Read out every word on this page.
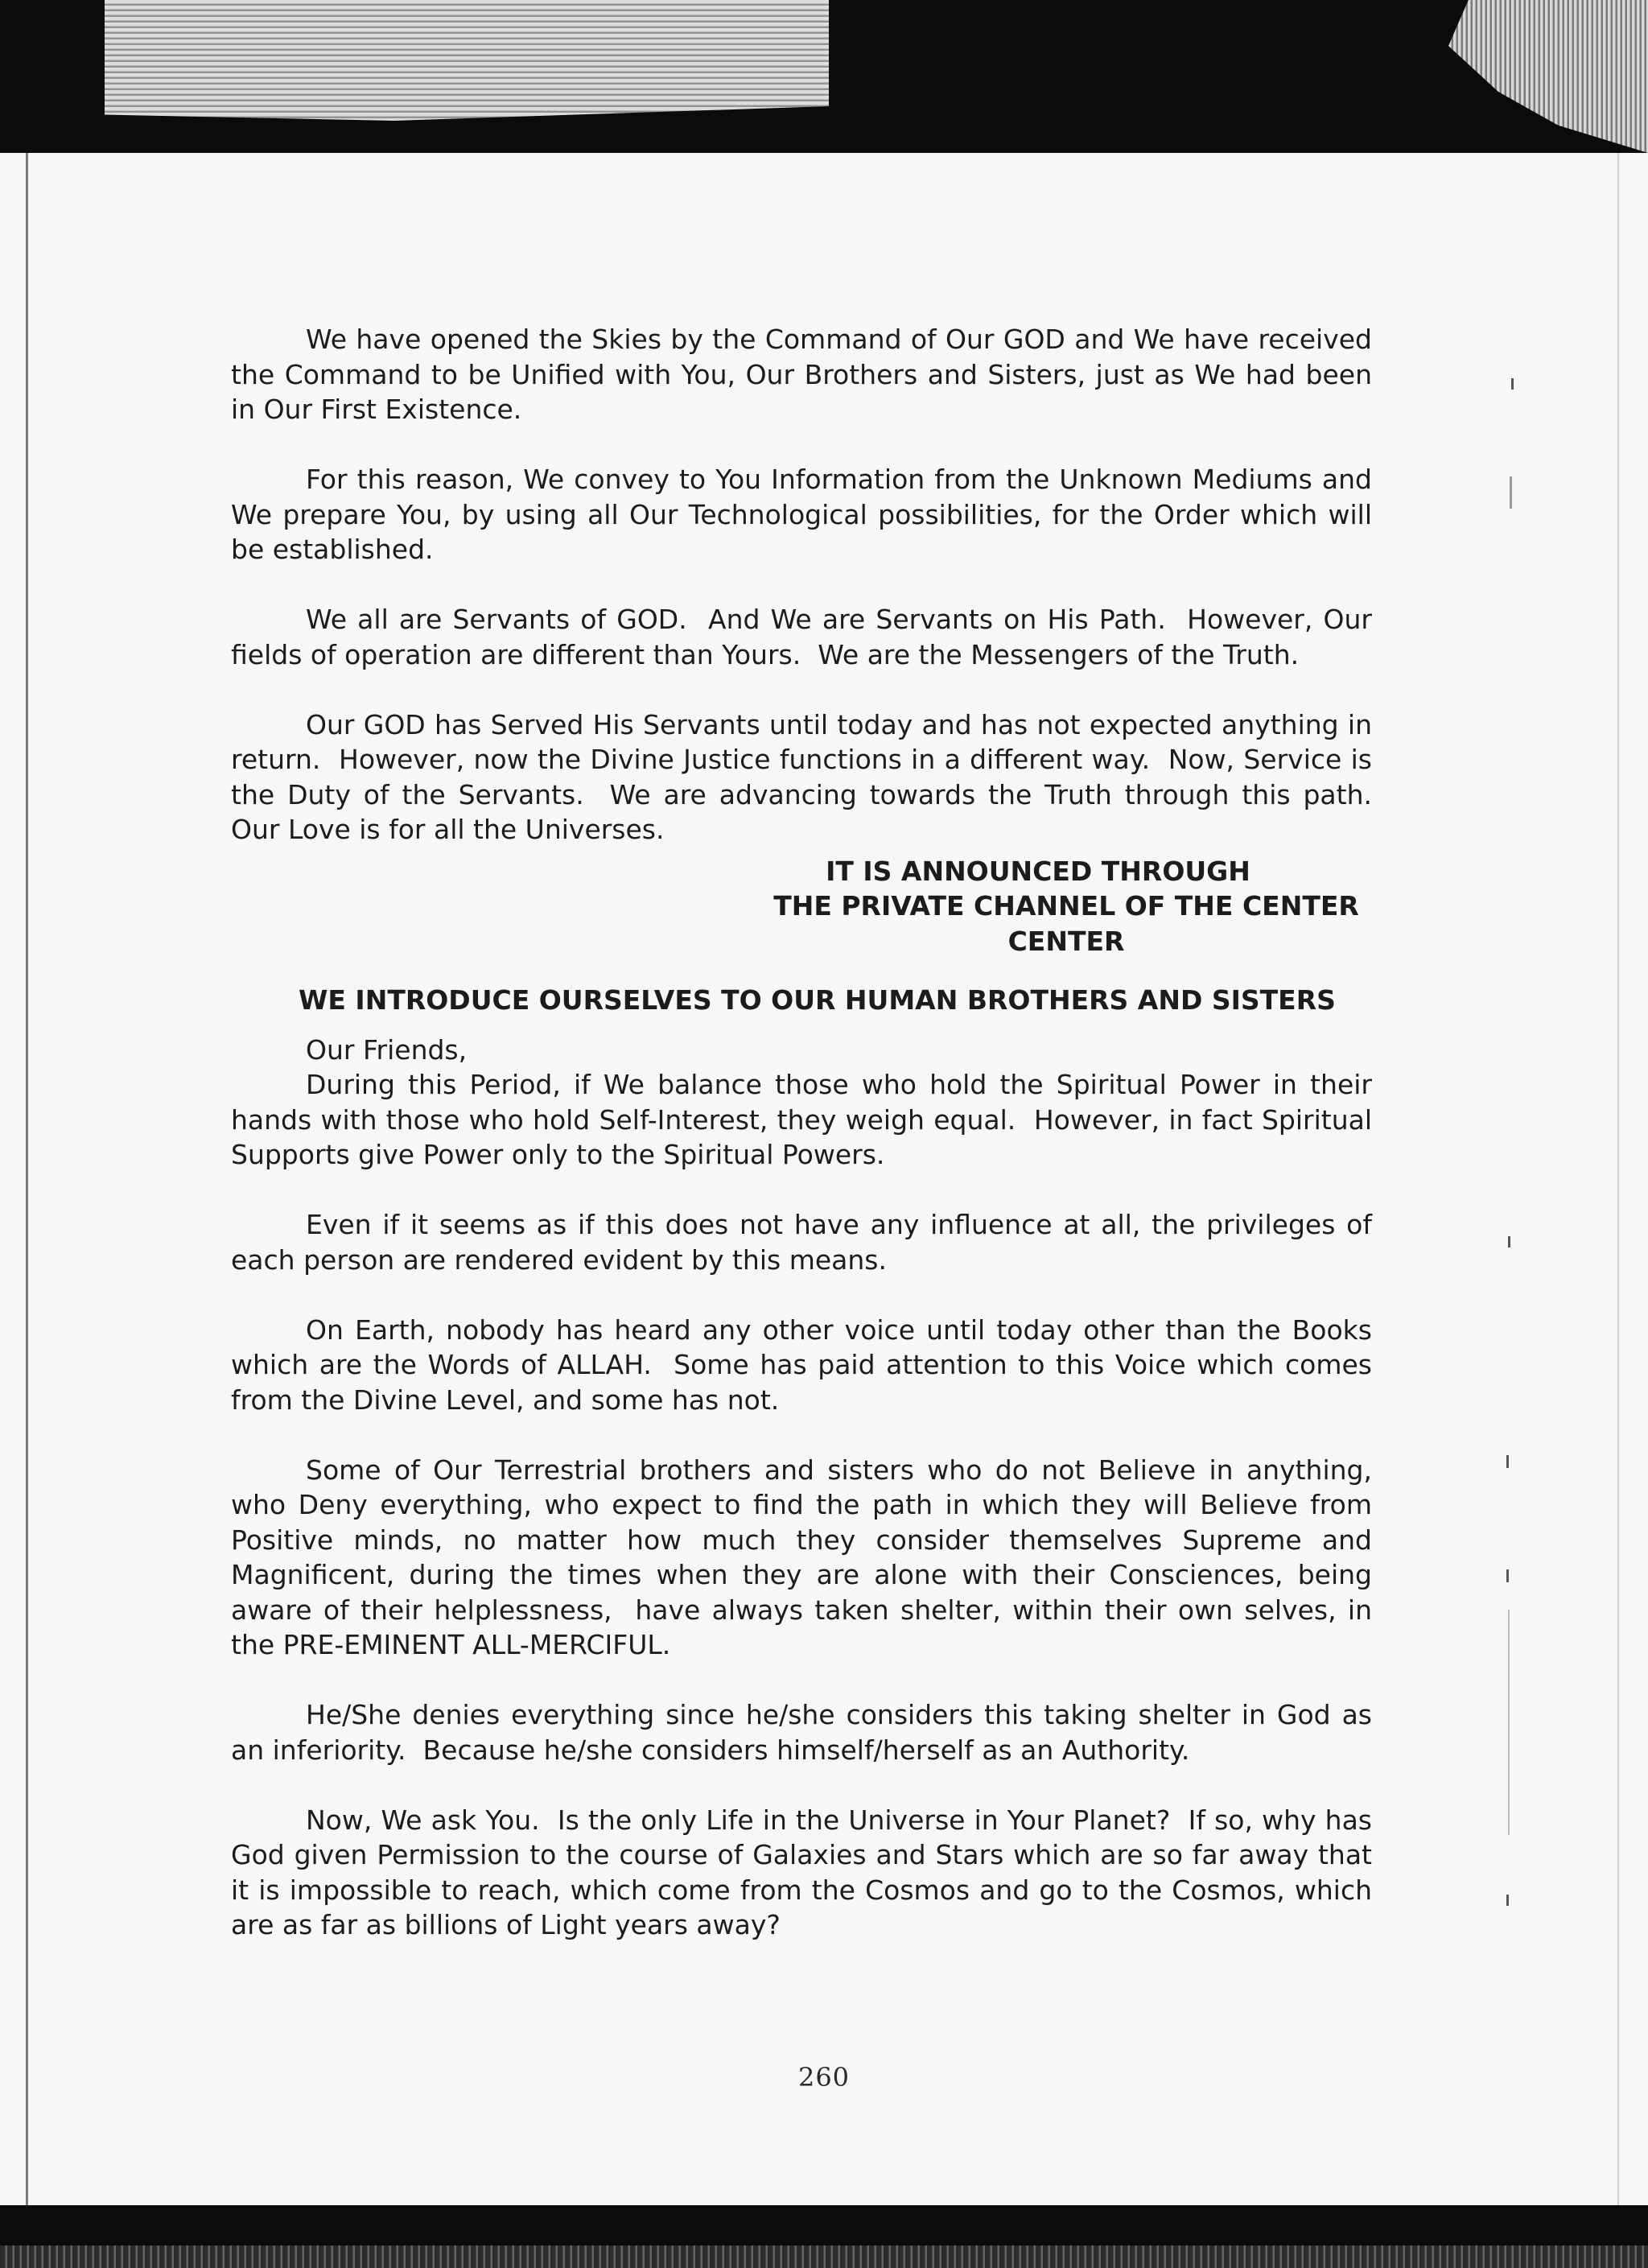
We have opened the Skies by the Command of Our GOD and We have received the Command to be Unified with You, Our Brothers and Sisters, just as We had been in Our First Existence.

For this reason, We convey to You Information from the Unknown Mediums and We prepare You, by using all Our Technological possibilities, for the Order which will be established.

We all are Servants of GOD.  And We are Servants on His Path.  However, Our fields of operation are different than Yours.  We are the Messengers of the Truth.

Our GOD has Served His Servants until today and has not expected anything in return.  However, now the Divine Justice functions in a different way.  Now, Service is the Duty of the Servants.  We are advancing towards the Truth through this path.  Our Love is for all the Universes.

IT IS ANNOUNCED THROUGH
THE PRIVATE CHANNEL OF THE CENTER
CENTER

WE INTRODUCE OURSELVES TO OUR HUMAN BROTHERS AND SISTERS

Our Friends,

During this Period, if We balance those who hold the Spiritual Power in their hands with those who hold Self-Interest, they weigh equal.  However, in fact Spiritual Supports give Power only to the Spiritual Powers.

Even if it seems as if this does not have any influence at all, the privileges of each person are rendered evident by this means.

On Earth, nobody has heard any other voice until today other than the Books which are the Words of ALLAH.  Some has paid attention to this Voice which comes from the Divine Level, and some has not.

Some of Our Terrestrial brothers and sisters who do not Believe in anything, who Deny everything, who expect to find the path in which they will Believe from Positive minds, no matter how much they consider themselves Supreme and Magnificent, during the times when they are alone with their Consciences, being aware of their helplessness,  have always taken shelter, within their own selves, in the PRE-EMINENT ALL-MERCIFUL.

He/She denies everything since he/she considers this taking shelter in God as an inferiority.  Because he/she considers himself/herself as an Authority.

Now, We ask You.  Is the only Life in the Universe in Your Planet?  If so, why has God given Permission to the course of Galaxies and Stars which are so far away that it is impossible to reach, which come from the Cosmos and go to the Cosmos, which are as far as billions of Light years away?

260
